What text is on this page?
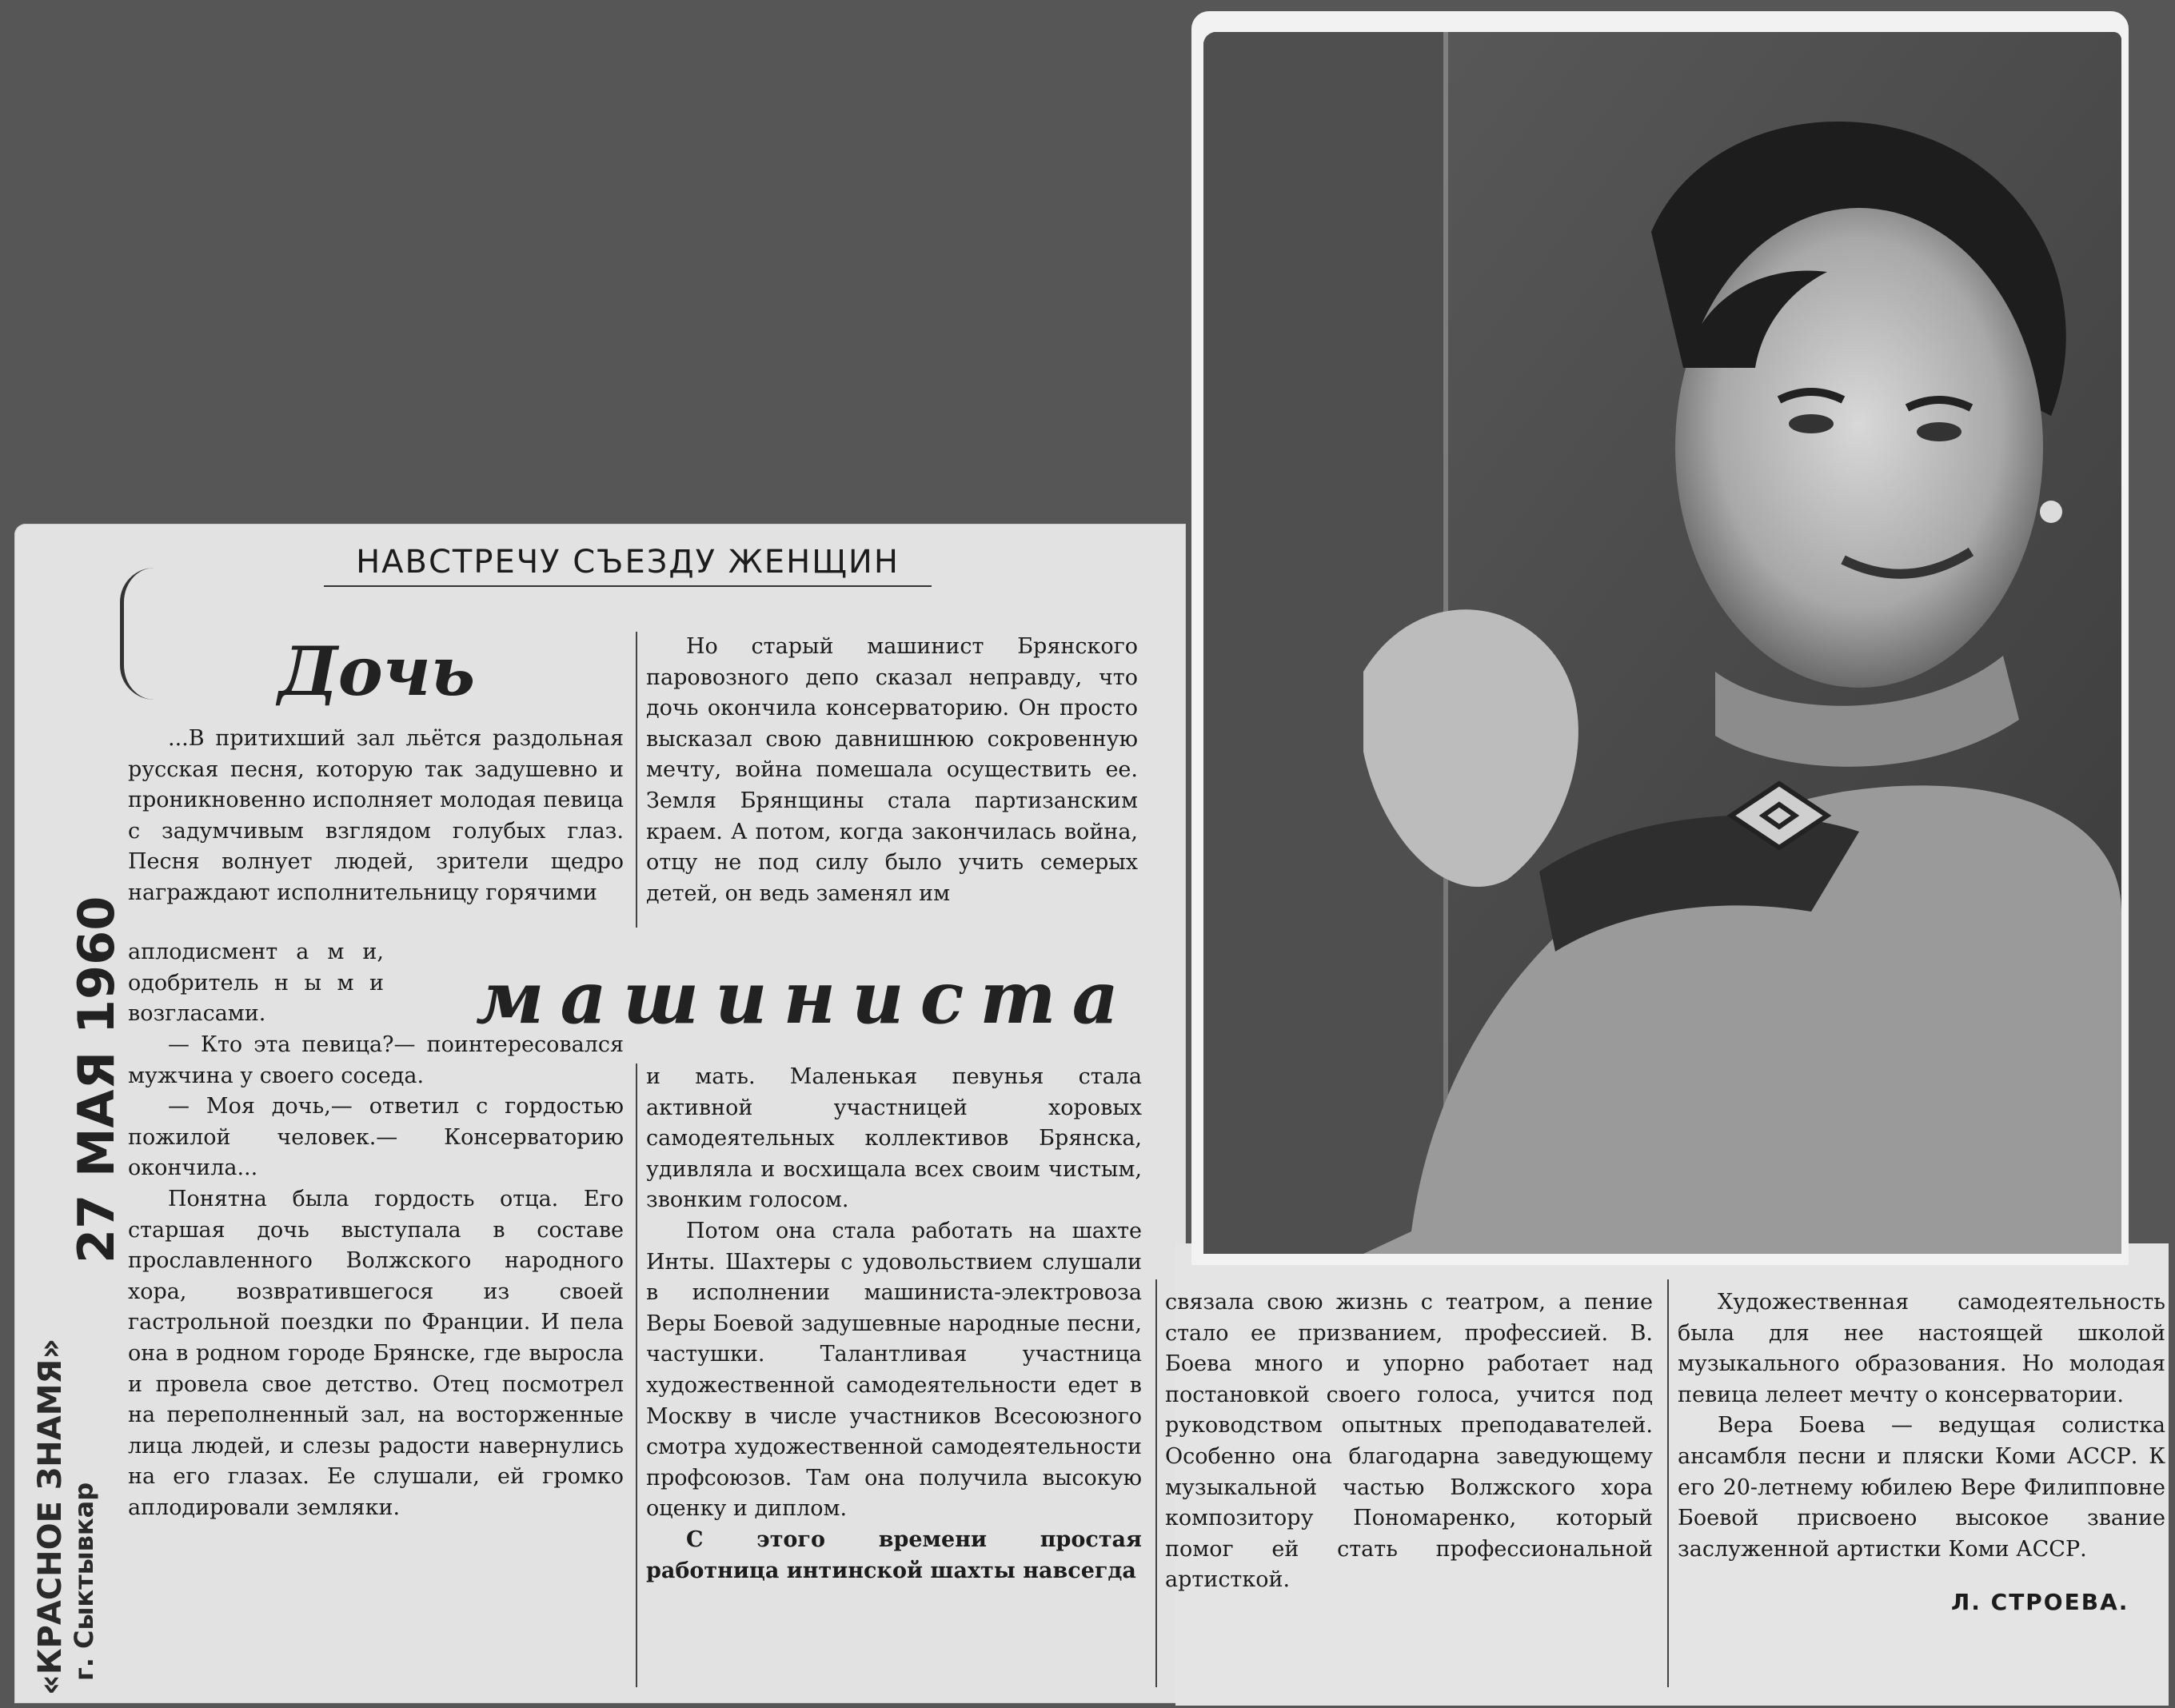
НАВСТРЕЧУ СЪЕЗДУ ЖЕНЩИН
Дочь
машиниста

...В притихший зал льётся раздольная русская песня, которую так задушевно и проникновенно исполняет молодая певица с задумчивым взглядом голубых глаз. Песня волнует людей, зрители щедро награждают исполнительницу горячими

аплодисмент а м и, одобритель н ы м и возгласами.

— Кто эта певица?— поинтересовался мужчина у своего соседа.

— Моя дочь,— ответил с гордостью пожилой человек.— Консерваторию окончила...

Понятна была гордость отца. Его старшая дочь выступала в составе прославленного Волжского народного хора, возвратившегося из своей гастрольной поездки по Франции. И пела она в родном городе Брянске, где выросла и провела свое детство. Отец посмотрел на переполненный зал, на восторженные лица людей, и слезы радости навернулись на его глазах. Ее слушали, ей громко аплодировали земляки.

Но старый машинист Брянского паровозного депо сказал неправду, что дочь окончила консерваторию. Он просто высказал свою давнишнюю сокровенную мечту, война помешала осуществить ее. Земля Брянщины стала партизанским краем. А потом, когда закончилась война, отцу не под силу было учить семерых детей, он ведь заменял им

и мать. Маленькая певунья стала активной участницей хоровых самодеятельных коллективов Брянска, удивляла и восхищала всех своим чистым, звонким голосом.

Потом она стала работать на шахте Инты. Шахтеры с удовольствием слушали в исполнении машиниста-электровоза Веры Боевой задушевные народные песни, частушки. Талантливая участница художественной самодеятельности едет в Москву в числе участников Всесоюзного смотра художественной самодеятельности профсоюзов. Там она получила высокую оценку и диплом.

С этого времени простая работница интинской шахты навсегда

связала свою жизнь с театром, а пение стало ее призванием, профессией. В. Боева много и упорно работает над постановкой своего голоса, учится под руководством опытных преподавателей. Особенно она благодарна заведующему музыкальной частью Волжского хора композитору Пономаренко, который помог ей стать профессиональной артисткой.

Художественная самодеятельность была для нее настоящей школой музыкального образования. Но молодая певица лелеет мечту о консерватории.

Вера Боева — ведущая солистка ансамбля песни и пляски Коми АССР. К его 20-летнему юбилею Вере Филипповне Боевой присвоено высокое звание заслуженной артистки Коми АССР.

Л. СТРОЕВА.
«КРАСНОЕ ЗНАМЯ» г. Сыктывкар
27 МАЯ 1960
